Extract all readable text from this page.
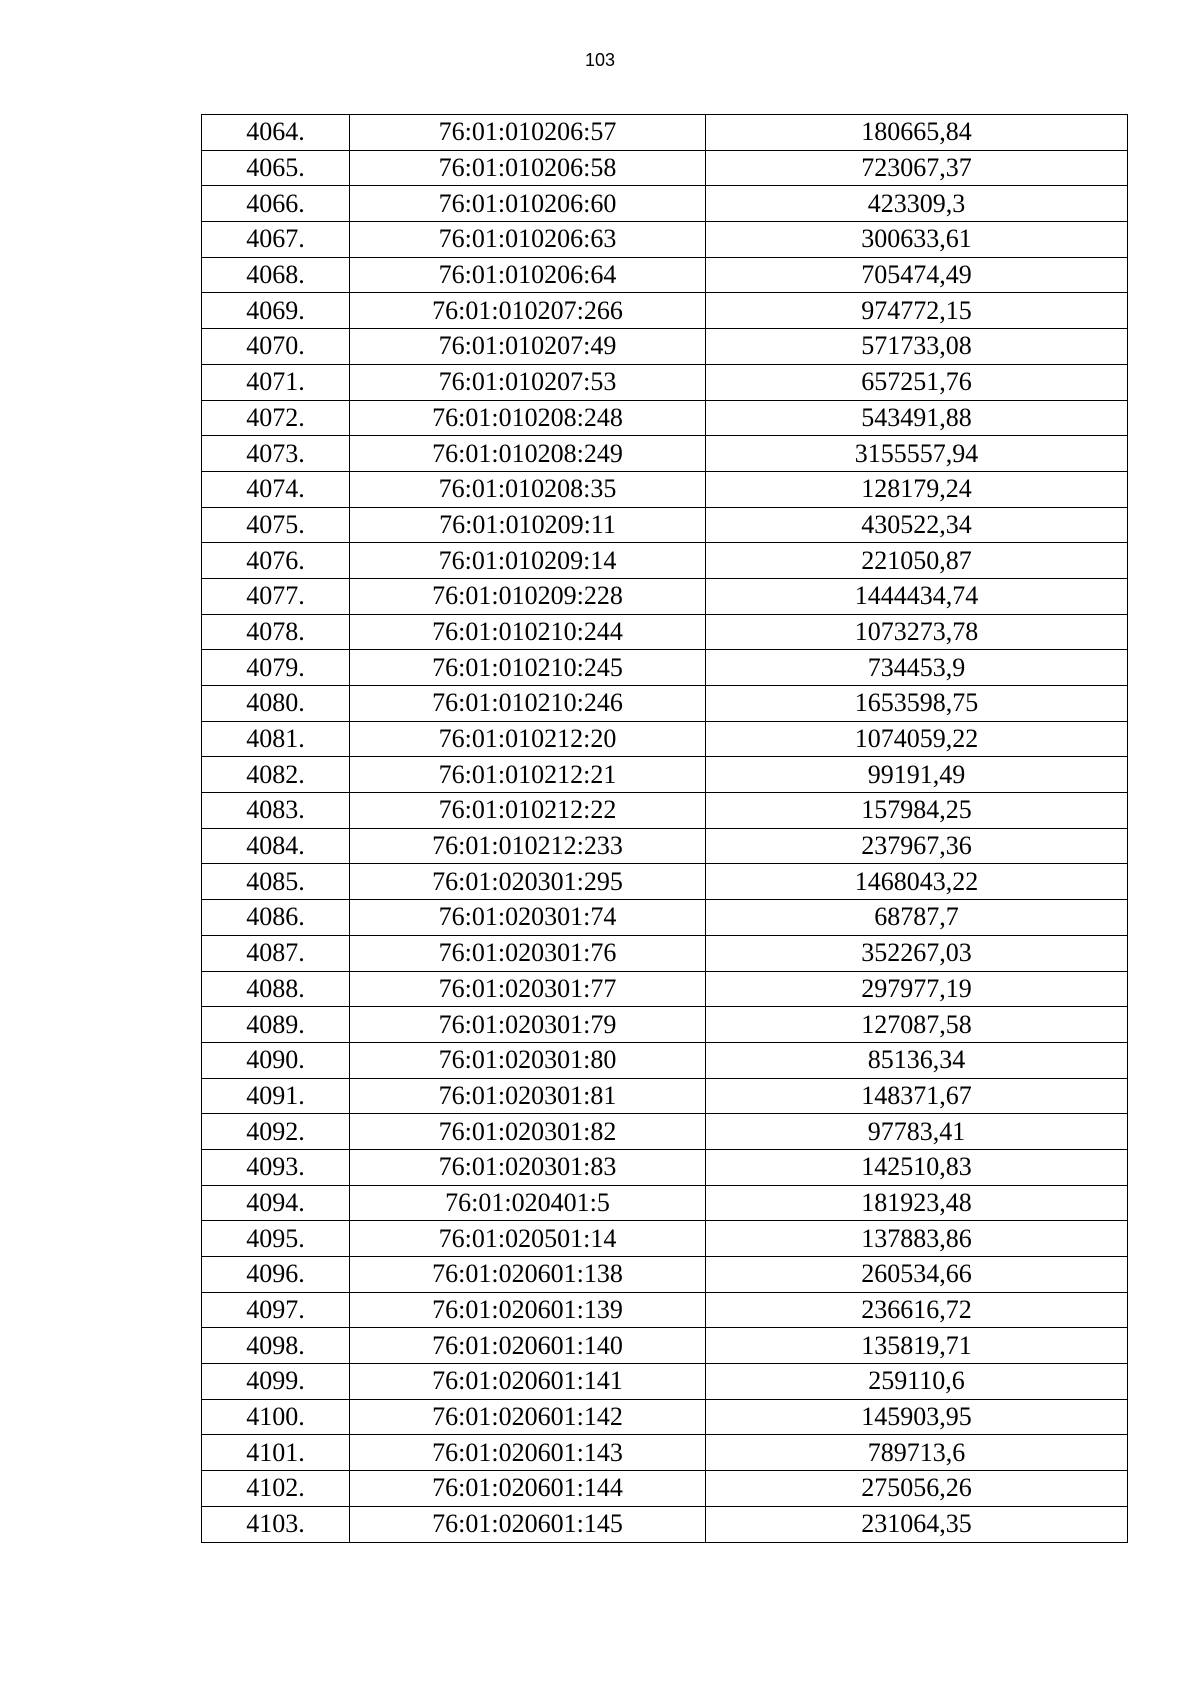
103
4064.	76:01:010206:57	180665,84
4065.	76:01:010206:58	723067,37
4066.	76:01:010206:60	423309,3
4067.	76:01:010206:63	300633,61
4068.	76:01:010206:64	705474,49
4069.	76:01:010207:266	974772,15
4070.	76:01:010207:49	571733,08
4071.	76:01:010207:53	657251,76
4072.	76:01:010208:248	543491,88
4073.	76:01:010208:249	3155557,94
4074.	76:01:010208:35	128179,24
4075.	76:01:010209:11	430522,34
4076.	76:01:010209:14	221050,87
4077.	76:01:010209:228	1444434,74
4078.	76:01:010210:244	1073273,78
4079.	76:01:010210:245	734453,9
4080.	76:01:010210:246	1653598,75
4081.	76:01:010212:20	1074059,22
4082.	76:01:010212:21	99191,49
4083.	76:01:010212:22	157984,25
4084.	76:01:010212:233	237967,36
4085.	76:01:020301:295	1468043,22
4086.	76:01:020301:74	68787,7
4087.	76:01:020301:76	352267,03
4088.	76:01:020301:77	297977,19
4089.	76:01:020301:79	127087,58
4090.	76:01:020301:80	85136,34
4091.	76:01:020301:81	148371,67
4092.	76:01:020301:82	97783,41
4093.	76:01:020301:83	142510,83
4094.	76:01:020401:5	181923,48
4095.	76:01:020501:14	137883,86
4096.	76:01:020601:138	260534,66
4097.	76:01:020601:139	236616,72
4098.	76:01:020601:140	135819,71
4099.	76:01:020601:141	259110,6
4100.	76:01:020601:142	145903,95
4101.	76:01:020601:143	789713,6
4102.	76:01:020601:144	275056,26
4103.	76:01:020601:145	231064,35
